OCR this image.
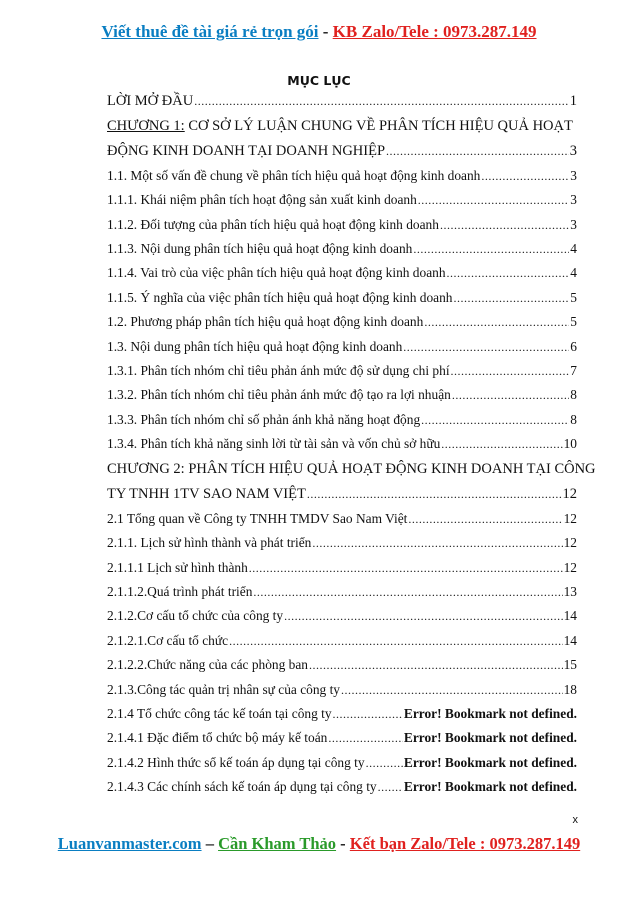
Viết thuê đề tài giá rẻ trọn gói - KB Zalo/Tele : 0973.287.149
MỤC LỤC
LỜI MỞ ĐẦU .....	1
CHƯƠNG 1: CƠ SỞ LÝ LUẬN CHUNG VỀ PHÂN TÍCH HIỆU QUẢ HOẠT
ĐỘNG KINH DOANH TẠI DOANH NGHIỆP .....	3
1.1. Một số vấn đề chung về phân tích hiệu quả hoạt động kinh doanh .....	3
1.1.1. Khái niệm phân tích hoạt động sản xuất kinh doanh .....	3
1.1.2. Đối tượng của phân tích hiệu quả hoạt động kinh doanh .....	3
1.1.3. Nội dung phân tích hiệu quả hoạt động kinh doanh .....	4
1.1.4. Vai trò của việc phân tích hiệu quả hoạt động kinh doanh .....	4
1.1.5. Ý nghĩa của việc phân tích hiệu quả hoạt động kinh doanh .....	5
1.2. Phương pháp phân tích hiệu quả hoạt động kinh doanh .....	5
1.3. Nội dung phân tích hiệu quả hoạt động kinh doanh .....	6
1.3.1. Phân tích nhóm chỉ tiêu phản ánh mức độ sử dụng chi phí .....	7
1.3.2. Phân tích nhóm chỉ tiêu phản ánh mức độ tạo ra lợi nhuận .....	8
1.3.3. Phân tích nhóm chỉ số phản ánh khả năng hoạt động .....	8
1.3.4. Phân tích khả năng sinh lời từ tài sản và vốn chủ sở hữu .....	10
CHƯƠNG 2: PHÂN TÍCH HIỆU QUẢ HOẠT ĐỘNG KINH DOANH TẠI CÔNG
TY TNHH 1TV SAO NAM VIỆT .....	12
2.1 Tổng quan về Công ty TNHH TMDV Sao Nam Việt .....	12
2.1.1. Lịch sử hình thành và phát triển .....	12
2.1.1.1 Lịch sử hình thành .....	12
2.1.1.2.Quá trình phát triển .....	13
2.1.2.Cơ cấu tổ chức của công ty .....	14
2.1.2.1.Cơ cấu tổ chức .....	14
2.1.2.2.Chức năng của các phòng ban .....	15
2.1.3.Công tác quản trị nhân sự của công ty .....	18
2.1.4 Tổ chức công tác kế toán tại công ty .....	Error! Bookmark not defined.
2.1.4.1 Đặc điểm tổ chức bộ máy kế toán .....	Error! Bookmark not defined.
2.1.4.2 Hình thức sổ kế toán áp dụng tại công ty .....	Error! Bookmark not defined.
2.1.4.3 Các chính sách kế toán áp dụng tại công ty ..... Error! Bookmark not defined.
x
Luanvanmaster.com – Cần Kham Thảo - Kết bạn Zalo/Tele : 0973.287.149
